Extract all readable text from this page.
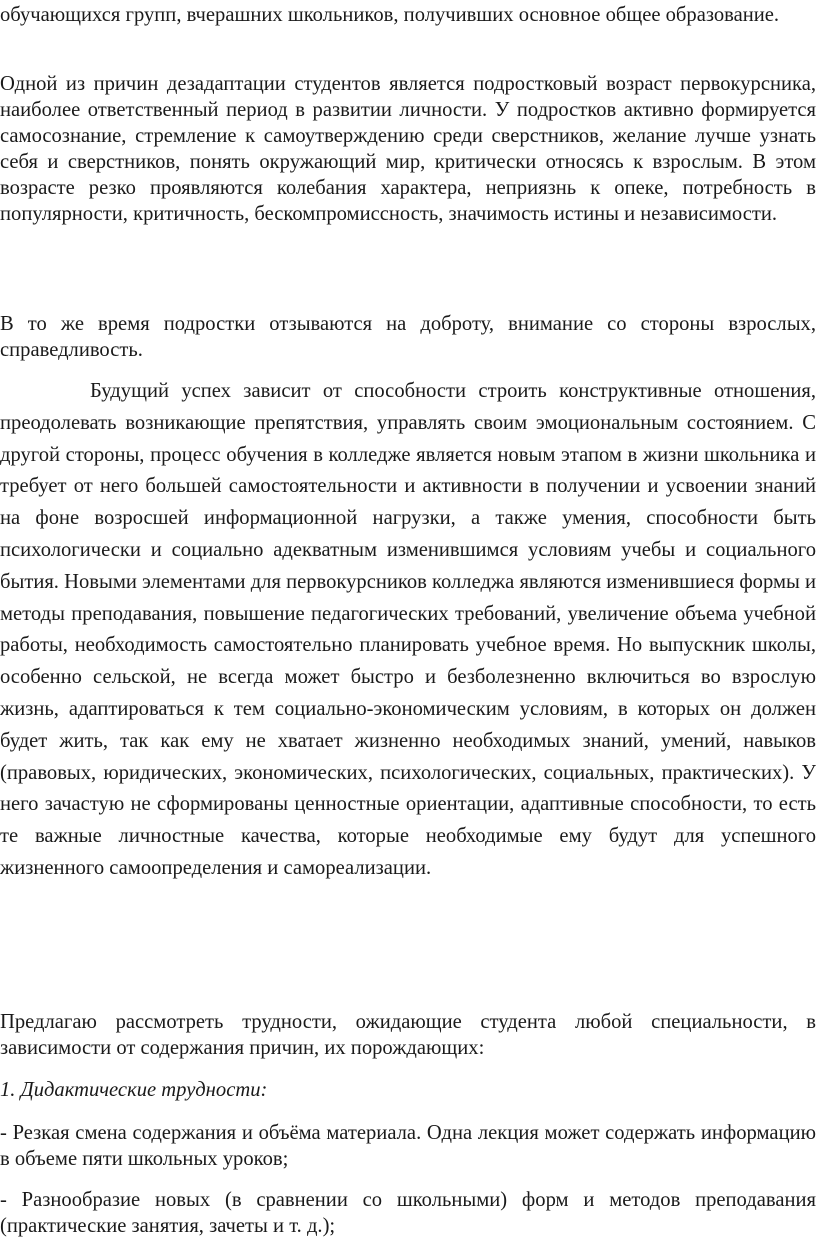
обучающихся групп, вчерашних школьников, получивших основное общее образование.

Одной из причин дезадаптации студентов является подростковый возраст первокурсника, наиболее ответственный период в развитии личности. У подростков активно формируется самосознание, стремление к самоутверждению среди сверстников, желание лучше узнать себя и сверстников, понять окружающий мир, критически относясь к взрослым. В этом возрасте резко проявляются колебания характера, неприязнь к опеке, потребность в популярности, критичность, бескомпромиссность, значимость истины и независимости.

В то же время подростки отзываются на доброту, внимание со стороны взрослых, справедливость.

Будущий успех зависит от способности строить конструктивные отношения, преодолевать возникающие препятствия, управлять своим эмоциональным состоянием. С другой стороны, процесс обучения в колледже является новым этапом в жизни школьника и требует от него большей самостоятельности и активности в получении и усвоении знаний на фоне возросшей информационной нагрузки, а также умения, способности быть психологически и социально адекватным изменившимся условиям учебы и социального бытия. Новыми элементами для первокурсников колледжа являются изменившиеся формы и методы преподавания, повышение педагогических требований, увеличение объема учебной работы, необходимость самостоятельно планировать учебное время. Но выпускник школы, особенно сельской, не всегда может быстро и безболезненно включиться во взрослую жизнь, адаптироваться к тем социально-экономическим условиям, в которых он должен будет жить, так как ему не хватает жизненно необходимых знаний, умений, навыков (правовых, юридических, экономических, психологических, социальных, практических). У него зачастую не сформированы ценностные ориентации, адаптивные способности, то есть те важные личностные качества, которые необходимые ему будут для успешного жизненного самоопределения и самореализации.

Предлагаю рассмотреть трудности, ожидающие студента любой специальности, в зависимости от содержания причин, их порождающих:

1. Дидактические трудности:

- Резкая смена содержания и объёма материала. Одна лекция может содержать информацию в объеме пяти школьных уроков;

- Разнообразие новых (в сравнении со школьными) форм и методов преподавания (практические занятия, зачеты и т. д.);
